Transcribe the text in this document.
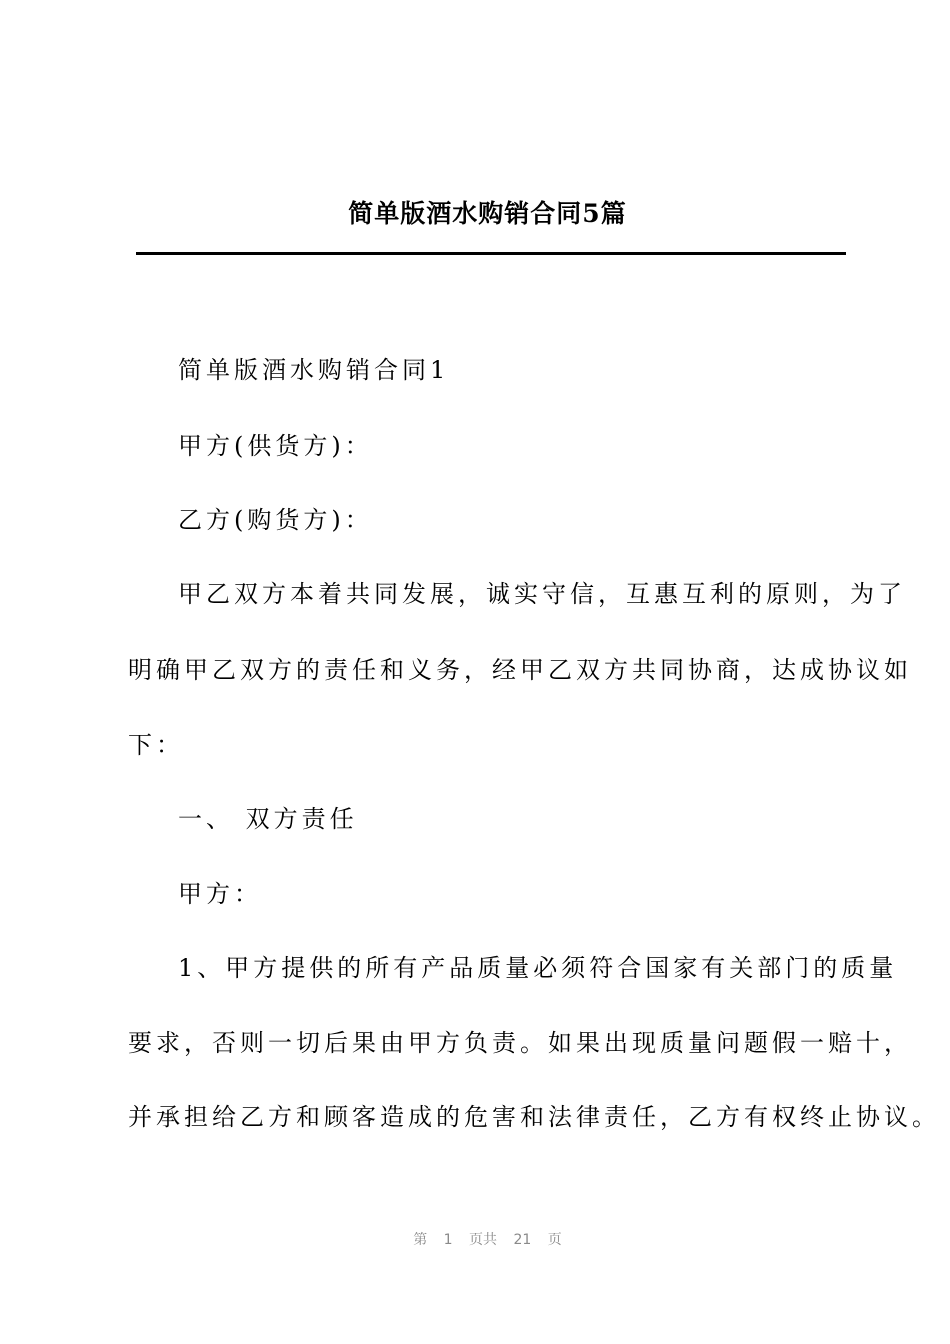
简单版酒水购销合同5篇
简单版酒水购销合同1
甲方(供货方)：
乙方(购货方)：
甲乙双方本着共同发展，诚实守信，互惠互利的原则，为了
明确甲乙双方的责任和义务，经甲乙双方共同协商，达成协议如
下：
一、 双方责任
甲方：
1、甲方提供的所有产品质量必须符合国家有关部门的质量
要求，否则一切后果由甲方负责。如果出现质量问题假一赔十，
并承担给乙方和顾客造成的危害和法律责任，乙方有权终止协议。
第 1 页共 21 页
